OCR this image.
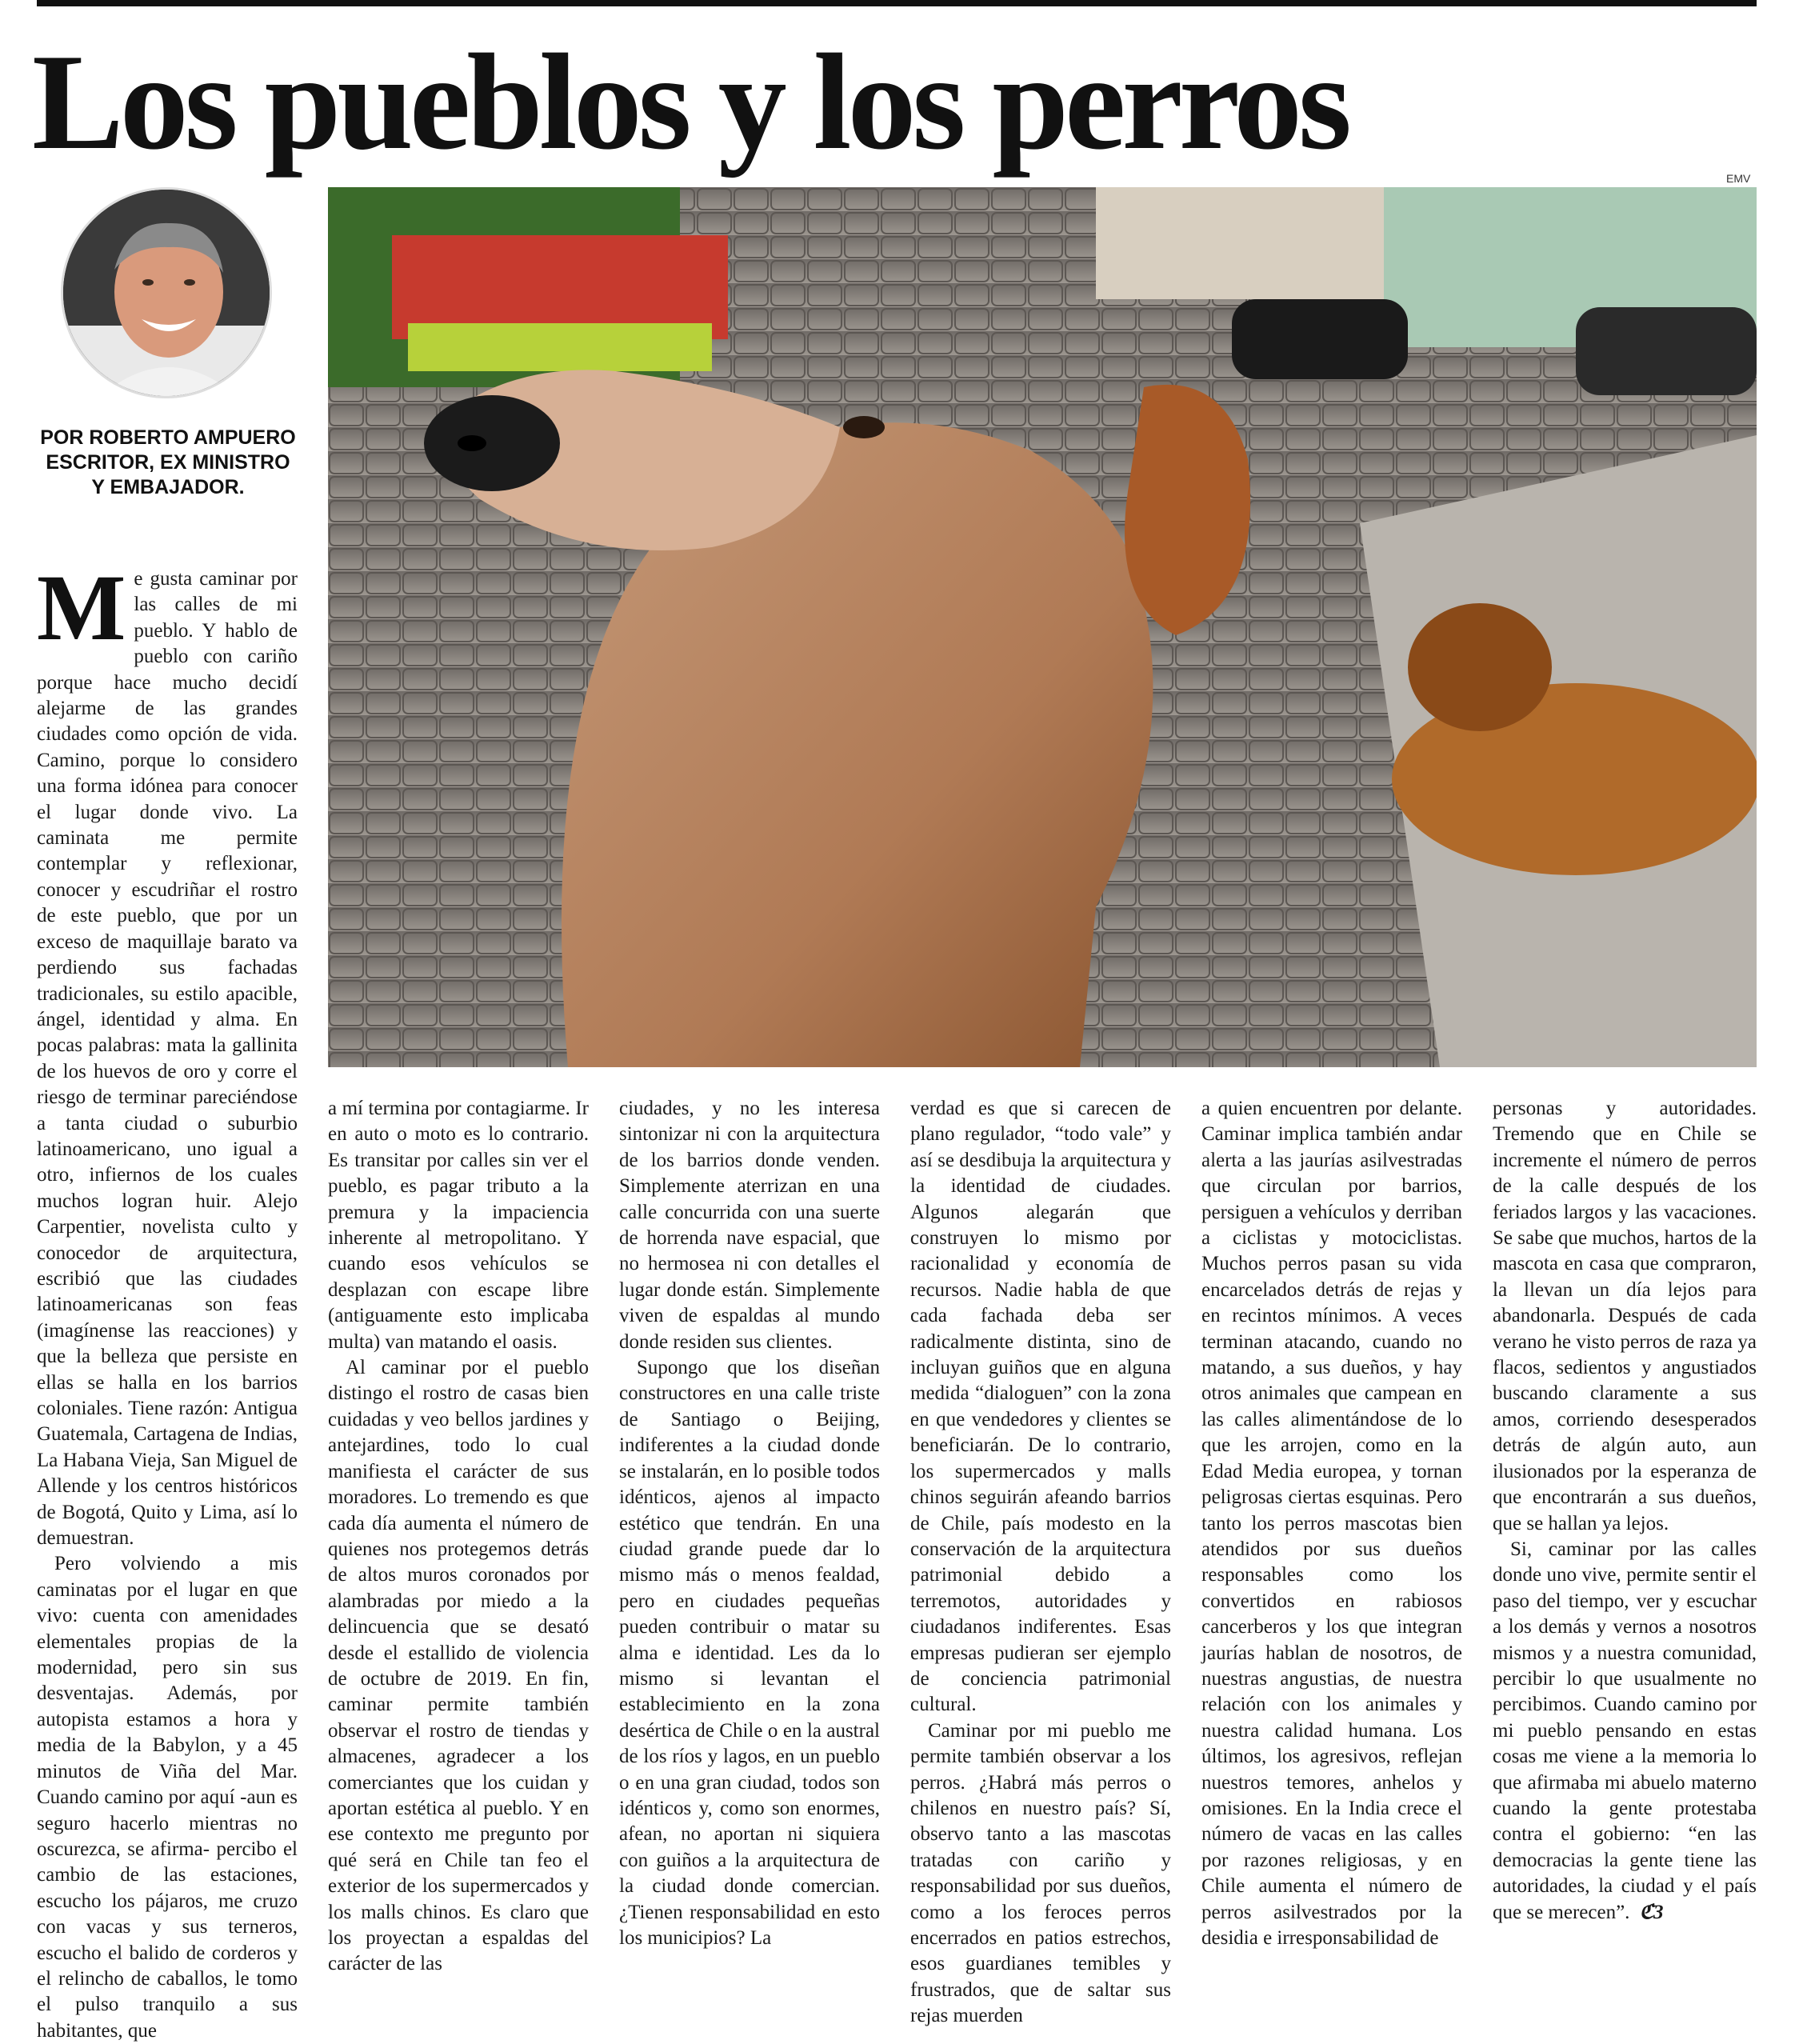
Los pueblos y los perros
POR ROBERTO AMPUERO
ESCRITOR, EX MINISTRO
Y EMBAJADOR.
EMV

Me gusta caminar por las calles de mi pueblo. Y hablo de pueblo con cariño porque hace mucho decidí alejarme de las grandes ciudades como opción de vida. Camino, porque lo considero una forma idónea para conocer el lugar donde vivo. La caminata me permite contemplar y reflexionar, conocer y escudriñar el rostro de este pueblo, que por un exceso de maquillaje barato va perdiendo sus fachadas tradicionales, su estilo apacible, ángel, identidad y alma. En pocas palabras: mata la gallinita de los huevos de oro y corre el riesgo de terminar pareciéndose a tanta ciudad o suburbio latinoamericano, uno igual a otro, infiernos de los cuales muchos logran huir. Alejo Carpentier, novelista culto y conocedor de arquitectura, escribió que las ciudades latinoamericanas son feas (imagínense las reacciones) y que la belleza que persiste en ellas se halla en los barrios coloniales. Tiene razón: Antigua Guatemala, Cartagena de Indias, La Habana Vieja, San Miguel de Allende y los centros históricos de Bogotá, Quito y Lima, así lo demuestran.

Pero volviendo a mis caminatas por el lugar en que vivo: cuenta con amenidades elementales propias de la modernidad, pero sin sus desventajas. Además, por autopista estamos a hora y media de la Babylon, y a 45 minutos de Viña del Mar. Cuando camino por aquí -aun es seguro hacerlo mientras no oscurezca, se afirma- percibo el cambio de las estaciones, escucho los pájaros, me cruzo con vacas y sus terneros, escucho el balido de corderos y el relincho de caballos, le tomo el pulso tranquilo a sus habitantes, que

a mí termina por contagiarme. Ir en auto o moto es lo contrario. Es transitar por calles sin ver el pueblo, es pagar tributo a la premura y la impaciencia inherente al metropolitano. Y cuando esos vehículos se desplazan con escape libre (antiguamente esto implicaba multa) van matando el oasis.

Al caminar por el pueblo distingo el rostro de casas bien cuidadas y veo bellos jardines y antejardines, todo lo cual manifiesta el carácter de sus moradores. Lo tremendo es que cada día aumenta el número de quienes nos protegemos detrás de altos muros coronados por alambradas por miedo a la delincuencia que se desató desde el estallido de violencia de octubre de 2019. En fin, caminar permite también observar el rostro de tiendas y almacenes, agradecer a los comerciantes que los cuidan y aportan estética al pueblo. Y en ese contexto me pregunto por qué será en Chile tan feo el exterior de los supermercados y los malls chinos. Es claro que los proyectan a espaldas del carácter de las

ciudades, y no les interesa sintonizar ni con la arquitectura de los barrios donde venden. Simplemente aterrizan en una calle concurrida con una suerte de horrenda nave espacial, que no hermosea ni con detalles el lugar donde están. Simplemente viven de espaldas al mundo donde residen sus clientes.

Supongo que los diseñan constructores en una calle triste de Santiago o Beijing, indiferentes a la ciudad donde se instalarán, en lo posible todos idénticos, ajenos al impacto estético que tendrán. En una ciudad grande puede dar lo mismo más o menos fealdad, pero en ciudades pequeñas pueden contribuir o matar su alma e identidad. Les da lo mismo si levantan el establecimiento en la zona desértica de Chile o en la austral de los ríos y lagos, en un pueblo o en una gran ciudad, todos son idénticos y, como son enormes, afean, no aportan ni siquiera con guiños a la arquitectura de la ciudad donde comercian. ¿Tienen responsabilidad en esto los municipios? La

verdad es que si carecen de plano regulador, “todo vale” y así se desdibuja la arquitectura y la identidad de ciudades. Algunos alegarán que construyen lo mismo por racionalidad y economía de recursos. Nadie habla de que cada fachada deba ser radicalmente distinta, sino de incluyan guiños que en alguna medida “dialoguen” con la zona en que vendedores y clientes se beneficiarán. De lo contrario, los supermercados y malls chinos seguirán afeando barrios de Chile, país modesto en la conservación de la arquitectura patrimonial debido a terremotos, autoridades y ciudadanos indiferentes. Esas empresas pudieran ser ejemplo de conciencia patrimonial cultural.

Caminar por mi pueblo me permite también observar a los perros. ¿Habrá más perros o chilenos en nuestro país? Sí, observo tanto a las mascotas tratadas con cariño y responsabilidad por sus dueños, como a los feroces perros encerrados en patios estrechos, esos guardianes temibles y frustrados, que de saltar sus rejas muerden

a quien encuentren por delante. Caminar implica también andar alerta a las jaurías asilvestradas que circulan por barrios, persiguen a vehículos y derriban a ciclistas y motociclistas. Muchos perros pasan su vida encarcelados detrás de rejas y en recintos mínimos. A veces terminan atacando, cuando no matando, a sus dueños, y hay otros animales que campean en las calles alimentándose de lo que les arrojen, como en la Edad Media europea, y tornan peligrosas ciertas esquinas. Pero tanto los perros mascotas bien atendidos por sus dueños responsables como los convertidos en rabiosos cancerberos y los que integran jaurías hablan de nosotros, de nuestras angustias, de nuestra relación con los animales y nuestra calidad humana. Los últimos, los agresivos, reflejan nuestros temores, anhelos y omisiones. En la India crece el número de vacas en las calles por razones religiosas, y en Chile aumenta el número de perros asilvestrados por la desidia e irresponsabilidad de

personas y autoridades. Tremendo que en Chile se incremente el número de perros de la calle después de los feriados largos y las vacaciones. Se sabe que muchos, hartos de la mascota en casa que compraron, la llevan un día lejos para abandonarla. Después de cada verano he visto perros de raza ya flacos, sedientos y angustiados buscando claramente a sus amos, corriendo desesperados detrás de algún auto, aun ilusionados por la esperanza de que encontrarán a sus dueños, que se hallan ya lejos.

Si, caminar por las calles donde uno vive, permite sentir el paso del tiempo, ver y escuchar a los demás y vernos a nosotros mismos y a nuestra comunidad, percibir lo que usualmente no percibimos. Cuando camino por mi pueblo pensando en estas cosas me viene a la memoria lo que afirmaba mi abuelo materno cuando la gente protestaba contra el gobierno: “en las democracias la gente tiene las autoridades, la ciudad y el país que se merecen”. ℭ3
